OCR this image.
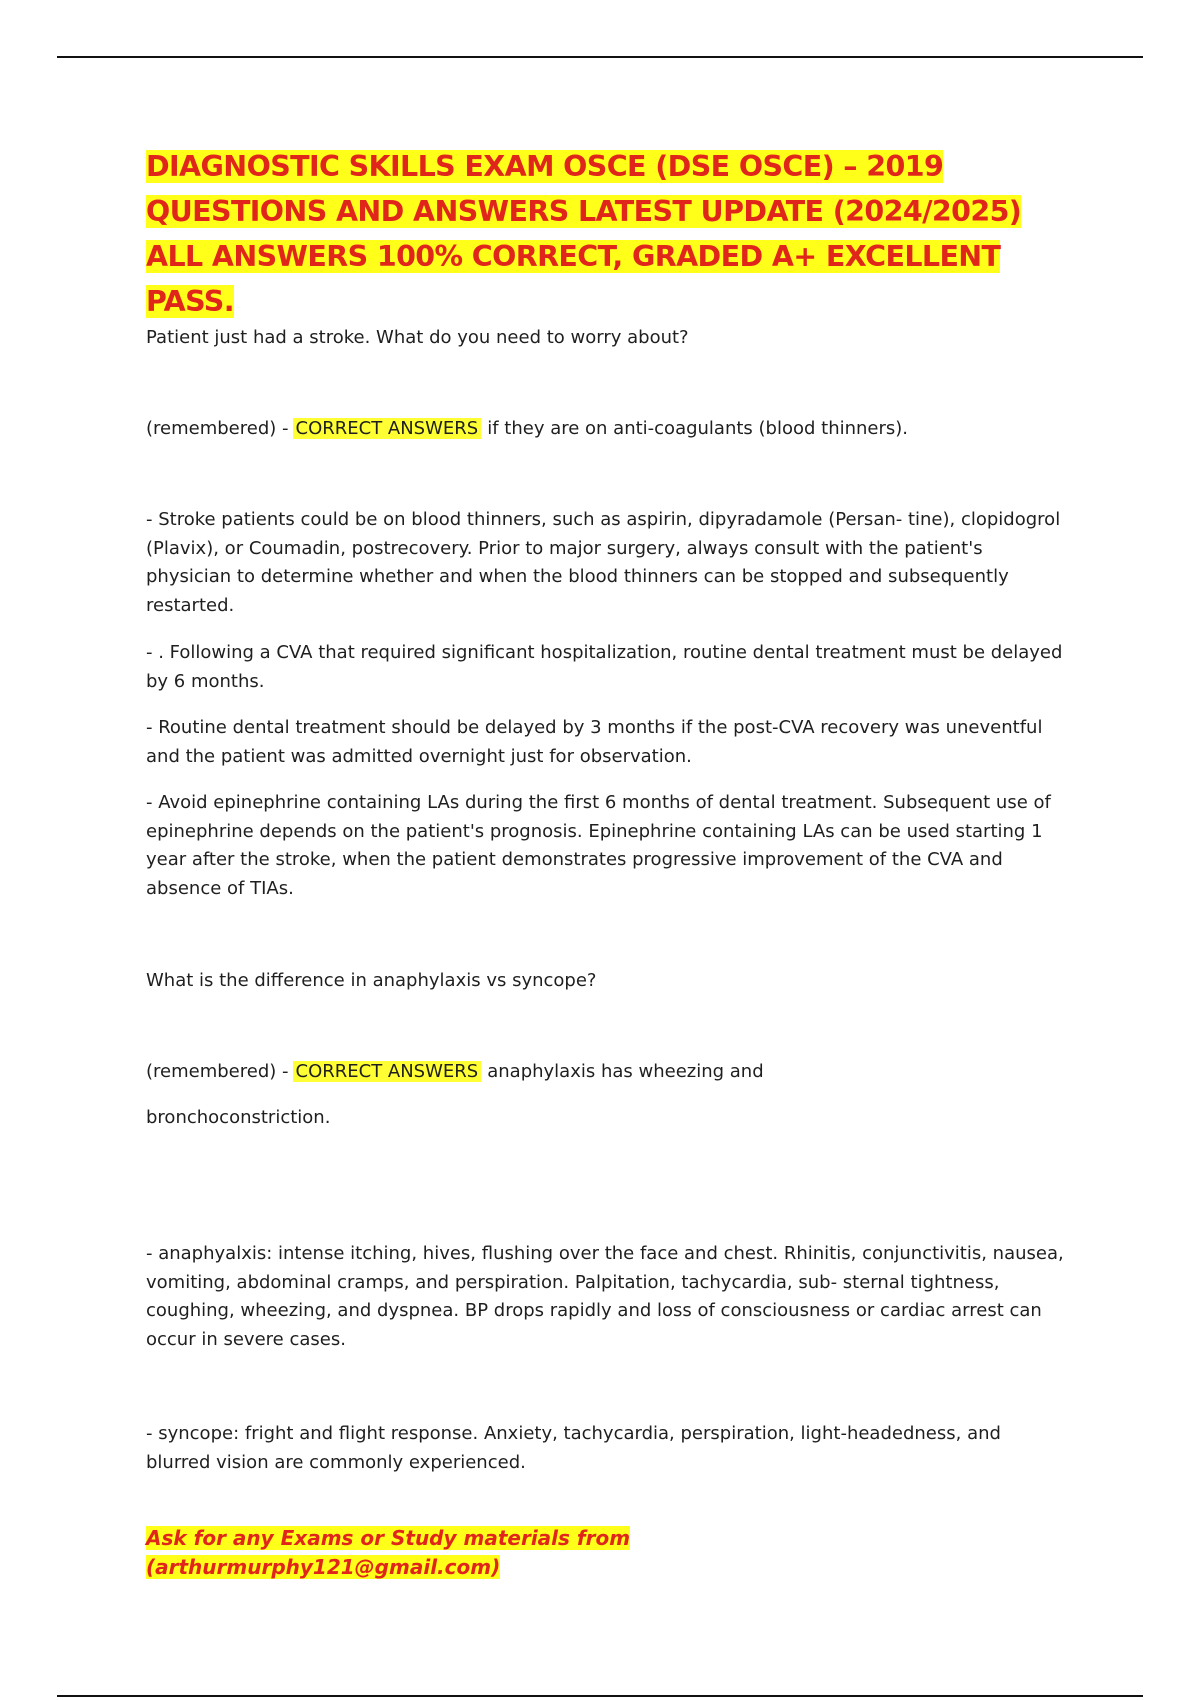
DIAGNOSTIC SKILLS EXAM OSCE (DSE OSCE) – 2019 QUESTIONS AND ANSWERS LATEST UPDATE (2024/2025) ALL ANSWERS 100% CORRECT, GRADED A+ EXCELLENT PASS.
Patient just had a stroke. What do you need to worry about?
(remembered) - CORRECT ANSWERS if they are on anti-coagulants (blood thinners).
- Stroke patients could be on blood thinners, such as aspirin, dipyradamole (Persan- tine), clopidogrol (Plavix), or Coumadin, postrecovery. Prior to major surgery, always consult with the patient's physician to determine whether and when the blood thinners can be stopped and subsequently restarted.
- . Following a CVA that required significant hospitalization, routine dental treatment must be delayed by 6 months.
- Routine dental treatment should be delayed by 3 months if the post-CVA recovery was uneventful and the patient was admitted overnight just for observation.
- Avoid epinephrine containing LAs during the first 6 months of dental treatment. Subsequent use of epinephrine depends on the patient's prognosis. Epinephrine containing LAs can be used starting 1 year after the stroke, when the patient demonstrates progressive improvement of the CVA and absence of TIAs.
What is the difference in anaphylaxis vs syncope?
(remembered) - CORRECT ANSWERS anaphylaxis has wheezing and
bronchoconstriction.
- anaphyalxis: intense itching, hives, flushing over the face and chest. Rhinitis, conjunctivitis, nausea, vomiting, abdominal cramps, and perspiration. Palpitation, tachycardia, sub- sternal tightness, coughing, wheezing, and dyspnea. BP drops rapidly and loss of consciousness or cardiac arrest can occur in severe cases.
- syncope: fright and flight response. Anxiety, tachycardia, perspiration, light-headedness, and blurred vision are commonly experienced.
Ask for any Exams or Study materials from
(arthurmurphy121@gmail.com)
